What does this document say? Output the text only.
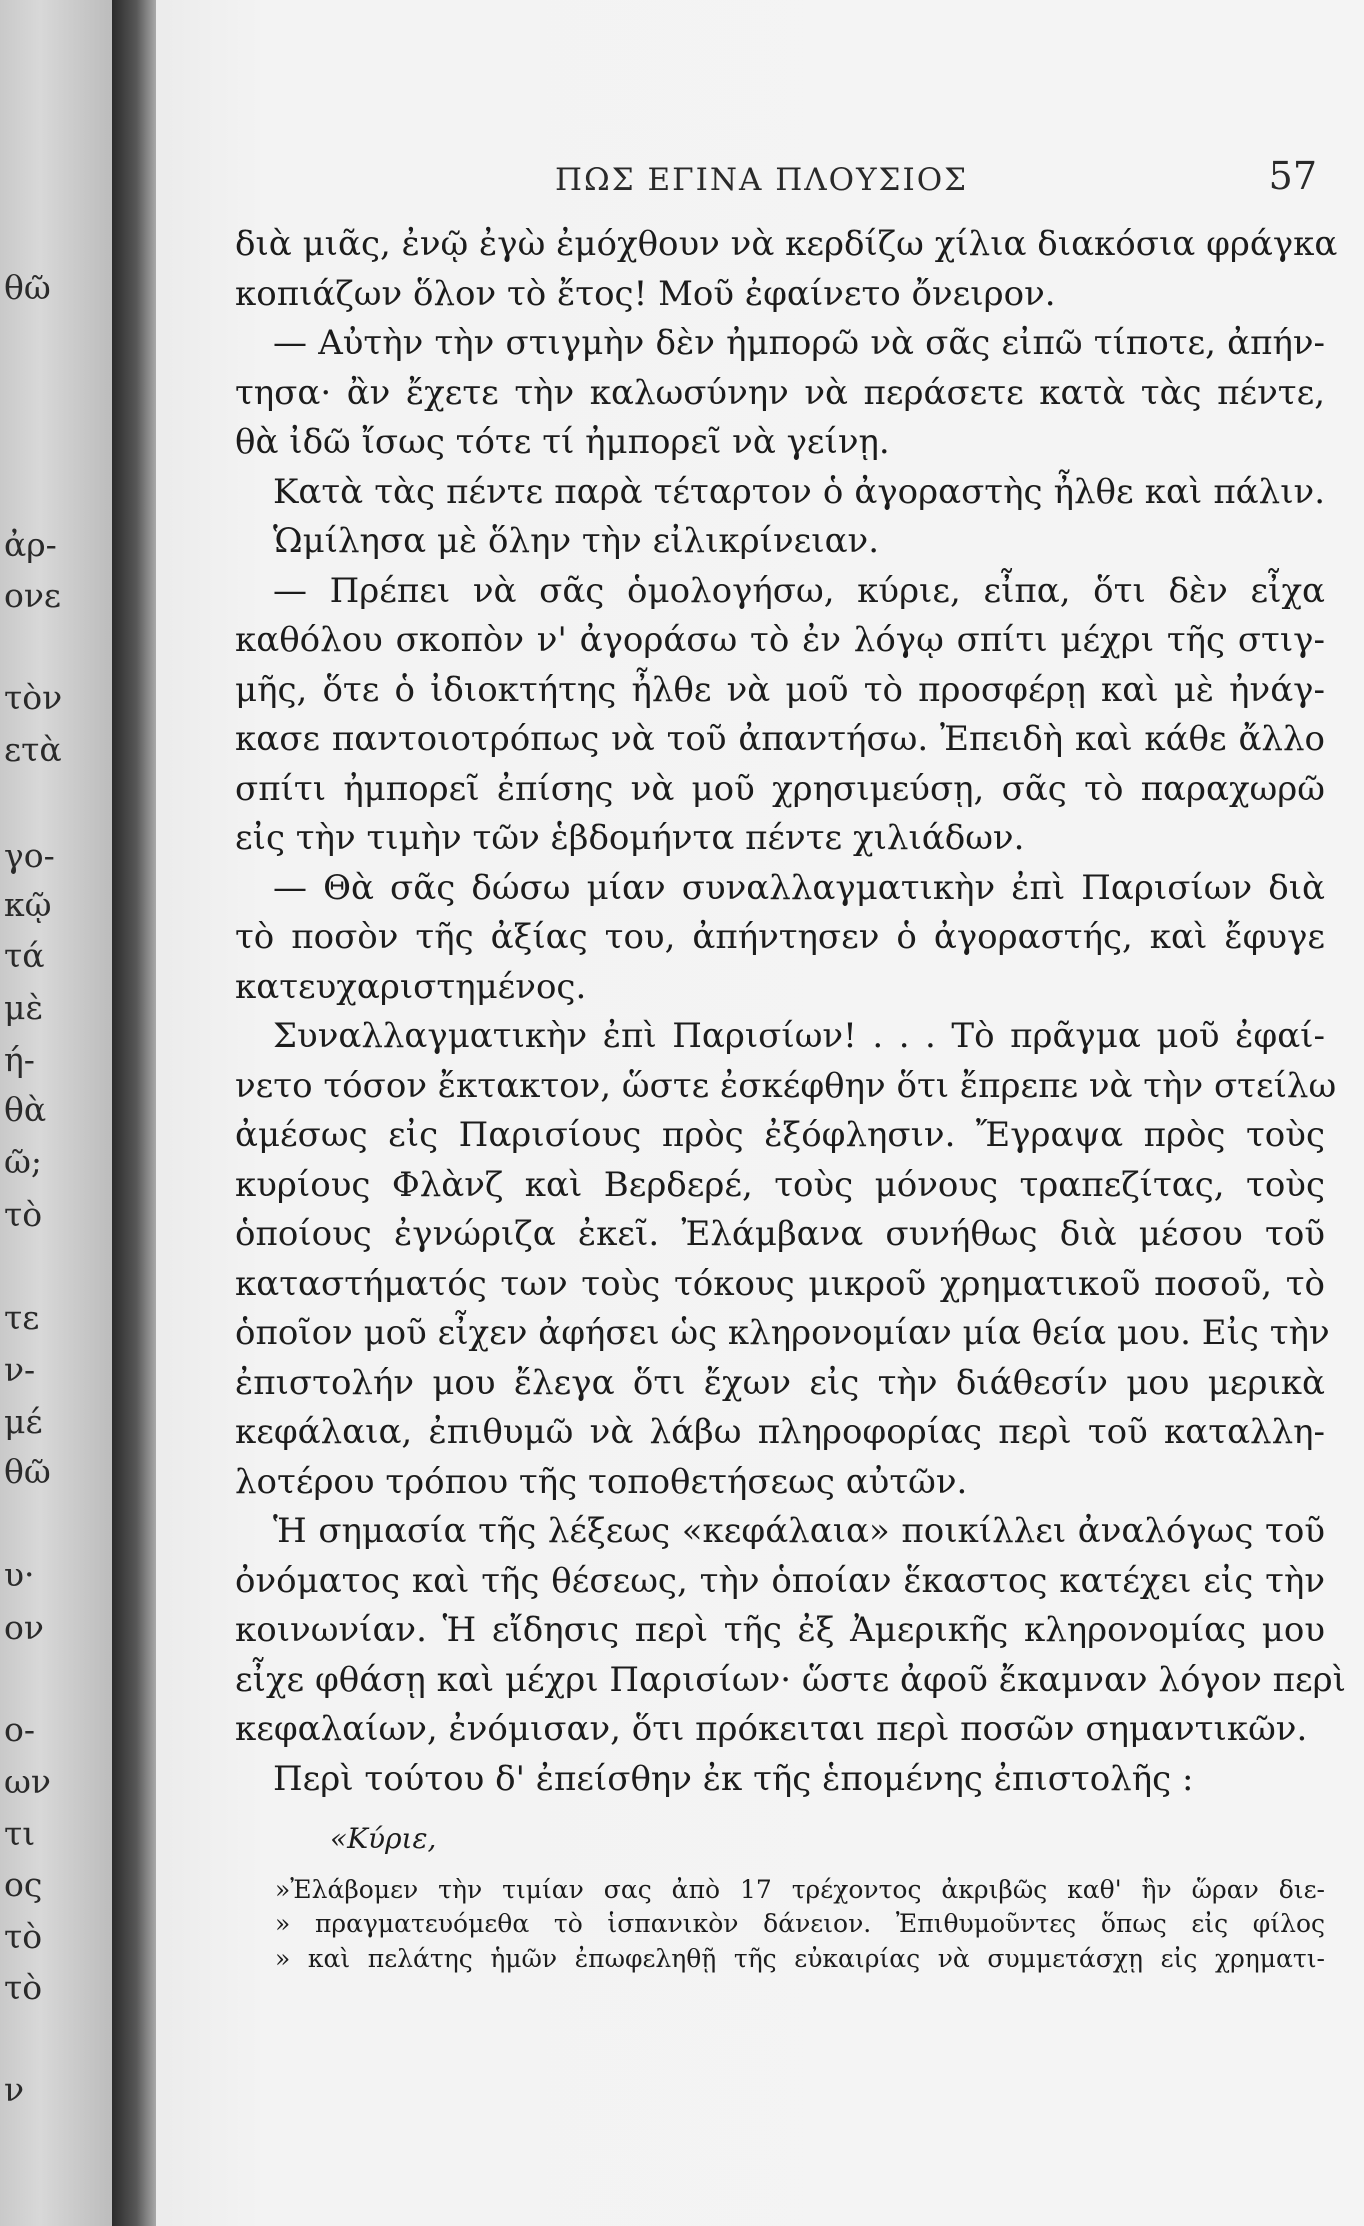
θῶ
ἀρ-
ονε
τὸν
ετὰ
γο-
κῷ
τά
μὲ
ή-
θὰ
ῶ;
τὸ
τε
ν-
μέ
θῶ
υ·
ον
ο-
ων
τι
ος
τὸ
τὸ
ν
ΠΩΣ ΕΓΙΝΑ ΠΛΟΥΣΙΟΣ	57
διὰ μιᾶς, ἐνῷ ἐγὼ ἐμόχθουν νὰ κερδίζω χίλια διακόσια φράγκα
κοπιάζων ὅλον τὸ ἔτος! Μοῦ ἐφαίνετο ὄνειρον.
— Αὐτὴν τὴν στιγμὴν δὲν ἠμπορῶ νὰ σᾶς εἰπῶ τίποτε, ἀπήν-
τησα· ἂν ἔχετε τὴν καλωσύνην νὰ περάσετε κατὰ τὰς πέντε,
θὰ ἰδῶ ἴσως τότε τί ἠμπορεῖ νὰ γείνῃ.
Κατὰ τὰς πέντε παρὰ τέταρτον ὁ ἀγοραστὴς ἦλθε καὶ πάλιν.
Ὡμίλησα μὲ ὅλην τὴν εἰλικρίνειαν.
— Πρέπει νὰ σᾶς ὁμολογήσω, κύριε, εἶπα, ὅτι δὲν εἶχα
καθόλου σκοπὸν ν' ἀγοράσω τὸ ἐν λόγῳ σπίτι μέχρι τῆς στιγ-
μῆς, ὅτε ὁ ἰδιοκτήτης ἦλθε νὰ μοῦ τὸ προσφέρῃ καὶ μὲ ἠνάγ-
κασε παντοιοτρόπως νὰ τοῦ ἀπαντήσω. Ἐπειδὴ καὶ κάθε ἄλλο
σπίτι ἠμπορεῖ ἐπίσης νὰ μοῦ χρησιμεύσῃ, σᾶς τὸ παραχωρῶ
εἰς τὴν τιμὴν τῶν ἑβδομήντα πέντε χιλιάδων.
— Θὰ σᾶς δώσω μίαν συναλλαγματικὴν ἐπὶ Παρισίων διὰ
τὸ ποσὸν τῆς ἀξίας του, ἀπήντησεν ὁ ἀγοραστής, καὶ ἔφυγε
κατευχαριστημένος.
Συναλλαγματικὴν ἐπὶ Παρισίων! . . . Τὸ πρᾶγμα μοῦ ἐφαί-
νετο τόσον ἔκτακτον, ὥστε ἐσκέφθην ὅτι ἔπρεπε νὰ τὴν στείλω
ἀμέσως εἰς Παρισίους πρὸς ἐξόφλησιν. Ἔγραψα πρὸς τοὺς
κυρίους Φλὰνζ καὶ Βερδερέ, τοὺς μόνους τραπεζίτας, τοὺς
ὁποίους ἐγνώριζα ἐκεῖ. Ἐλάμβανα συνήθως διὰ μέσου τοῦ
καταστήματός των τοὺς τόκους μικροῦ χρηματικοῦ ποσοῦ, τὸ
ὁποῖον μοῦ εἶχεν ἀφήσει ὡς κληρονομίαν μία θεία μου. Εἰς τὴν
ἐπιστολήν μου ἔλεγα ὅτι ἔχων εἰς τὴν διάθεσίν μου μερικὰ
κεφάλαια, ἐπιθυμῶ νὰ λάβω πληροφορίας περὶ τοῦ καταλλη-
λοτέρου τρόπου τῆς τοποθετήσεως αὐτῶν.
Ἡ σημασία τῆς λέξεως «κεφάλαια» ποικίλλει ἀναλόγως τοῦ
ὀνόματος καὶ τῆς θέσεως, τὴν ὁποίαν ἕκαστος κατέχει εἰς τὴν
κοινωνίαν. Ἡ εἴδησις περὶ τῆς ἐξ Ἀμερικῆς κληρονομίας μου
εἶχε φθάσῃ καὶ μέχρι Παρισίων· ὥστε ἀφοῦ ἔκαμναν λόγον περὶ
κεφαλαίων, ἐνόμισαν, ὅτι πρόκειται περὶ ποσῶν σημαντικῶν.
Περὶ τούτου δ' ἐπείσθην ἐκ τῆς ἑπομένης ἐπιστολῆς :
«Κύριε,
»Ἐλάβομεν τὴν τιμίαν σας ἀπὸ 17 τρέχοντος ἀκριβῶς καθ' ἣν ὥραν διε-
» πραγματευόμεθα τὸ ἱσπανικὸν δάνειον. Ἐπιθυμοῦντες ὅπως εἰς φίλος
» καὶ πελάτης ἡμῶν ἐπωφεληθῇ τῆς εὐκαιρίας νὰ συμμετάσχῃ εἰς χρηματι-
